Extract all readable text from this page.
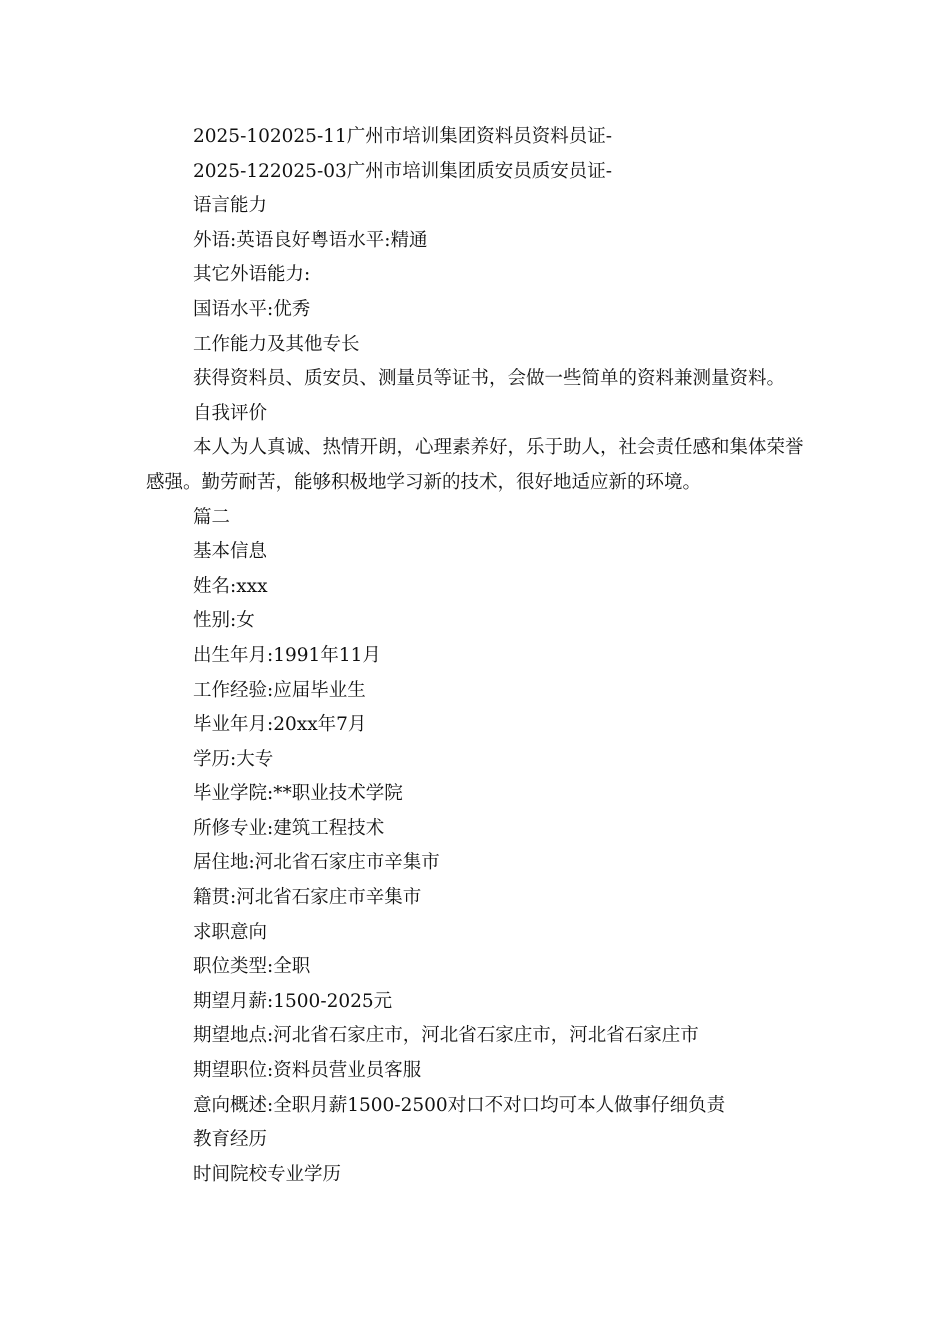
2025-102025-11广州市培训集团资料员资料员证-
2025-122025-03广州市培训集团质安员质安员证-
语言能力
外语:英语良好粤语水平:精通
其它外语能力:
国语水平:优秀
工作能力及其他专长
获得资料员、质安员、测量员等证书，会做一些简单的资料兼测量资料。
自我评价

本人为人真诚、热情开朗，心理素养好，乐于助人，社会责任感和集体荣誉感强。勤劳耐苦，能够积极地学习新的技术，很好地适应新的环境。

篇二
基本信息
姓名:xxx
性别:女
出生年月:1991年11月
工作经验:应届毕业生
毕业年月:20xx年7月
学历:大专
毕业学院:**职业技术学院
所修专业:建筑工程技术
居住地:河北省石家庄市辛集市
籍贯:河北省石家庄市辛集市
求职意向
职位类型:全职
期望月薪:1500-2025元
期望地点:河北省石家庄市，河北省石家庄市，河北省石家庄市
期望职位:资料员营业员客服
意向概述:全职月薪1500-2500对口不对口均可本人做事仔细负责
教育经历
时间院校专业学历
